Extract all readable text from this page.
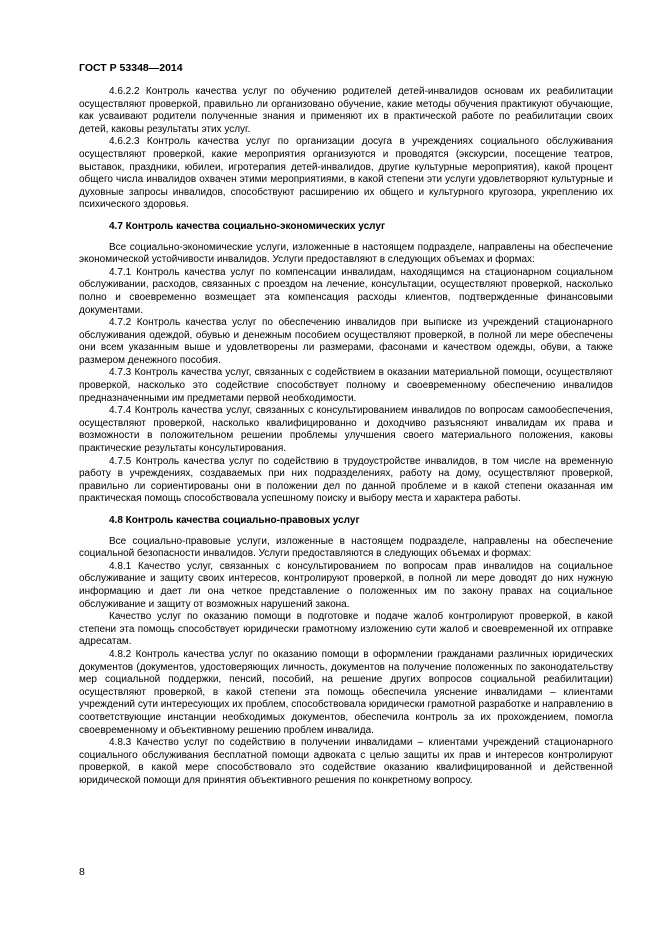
ГОСТ Р 53348—2014

4.6.2.2 Контроль качества услуг по обучению родителей детей-инвалидов основам их реабилитации осуществляют проверкой, правильно ли организовано обучение, какие методы обучения практикуют обучающие, как усваивают родители полученные знания и применяют их в практической работе по реабилитации своих детей, каковы результаты этих услуг.

4.6.2.3 Контроль качества услуг по организации досуга в учреждениях социального обслуживания осуществляют проверкой, какие мероприятия организуются и проводятся (экскурсии, посещение театров, выставок, праздники, юбилеи, игротерапия детей-инвалидов, другие культурные мероприятия), какой процент общего числа инвалидов охвачен этими мероприятиями, в какой степени эти услуги удовлетворяют культурные и духовные запросы инвалидов, способствуют расширению их общего и культурного кругозора, укреплению их психического здоровья.

4.7 Контроль качества социально-экономических услуг

Все социально-экономические услуги, изложенные в настоящем подразделе, направлены на обеспечение экономической устойчивости инвалидов. Услуги предоставляют в следующих объемах и формах:

4.7.1 Контроль качества услуг по компенсации инвалидам, находящимся на стационарном социальном обслуживании, расходов, связанных с проездом на лечение, консультации, осуществляют проверкой, насколько полно и своевременно возмещает эта компенсация расходы клиентов, подтвержденные финансовыми документами.

4.7.2 Контроль качества услуг по обеспечению инвалидов при выписке из учреждений стационарного обслуживания одеждой, обувью и денежным пособием осуществляют проверкой, в полной ли мере обеспечены они всем указанным выше и удовлетворены ли размерами, фасонами и качеством одежды, обуви, а также размером денежного пособия.

4.7.3 Контроль качества услуг, связанных с содействием в оказании материальной помощи, осуществляют проверкой, насколько это содействие способствует полному и своевременному обеспечению инвалидов предназначенными им предметами первой необходимости.

4.7.4 Контроль качества услуг, связанных с консультированием инвалидов по вопросам самообеспечения, осуществляют проверкой, насколько квалифицированно и доходчиво разъясняют инвалидам их права и возможности в положительном решении проблемы улучшения своего материального положения, каковы практические результаты консультирования.

4.7.5 Контроль качества услуг по содействию в трудоустройстве инвалидов, в том числе на временную работу в учреждениях, создаваемых при них подразделениях, работу на дому, осуществляют проверкой, правильно ли сориентированы они в положении дел по данной проблеме и в какой степени оказанная им практическая помощь способствовала успешному поиску и выбору места и характера работы.

4.8 Контроль качества социально-правовых услуг

Все социально-правовые услуги, изложенные в настоящем подразделе, направлены на обеспечение социальной безопасности инвалидов. Услуги предоставляются в следующих объемах и формах:

4.8.1 Качество услуг, связанных с консультированием по вопросам прав инвалидов на социальное обслуживание и защиту своих интересов, контролируют проверкой, в полной ли мере доводят до них нужную информацию и дает ли она четкое представление о положенных им по закону правах на социальное обслуживание и защиту от возможных нарушений закона.

Качество услуг по оказанию помощи в подготовке и подаче жалоб контролируют проверкой, в какой степени эта помощь способствует юридически грамотному изложению сути жалоб и своевременной их отправке адресатам.

4.8.2 Контроль качества услуг по оказанию помощи в оформлении гражданами различных юридических документов (документов, удостоверяющих личность, документов на получение положенных по законодательству мер социальной поддержки, пенсий, пособий, на решение других вопросов социальной реабилитации) осуществляют проверкой, в какой степени эта помощь обеспечила уяснение инвалидами – клиентами учреждений сути интересующих их проблем, способствовала юридически грамотной разработке и направлению в соответствующие инстанции необходимых документов, обеспечила контроль за их прохождением, помогла своевременному и объективному решению проблем инвалида.

4.8.3 Качество услуг по содействию в получении инвалидами – клиентами учреждений стационарного социального обслуживания бесплатной помощи адвоката с целью защиты их прав и интересов контролируют проверкой, в какой мере способствовало это содействие оказанию квалифицированной и действенной юридической помощи для принятия объективного решения по конкретному вопросу.

8
